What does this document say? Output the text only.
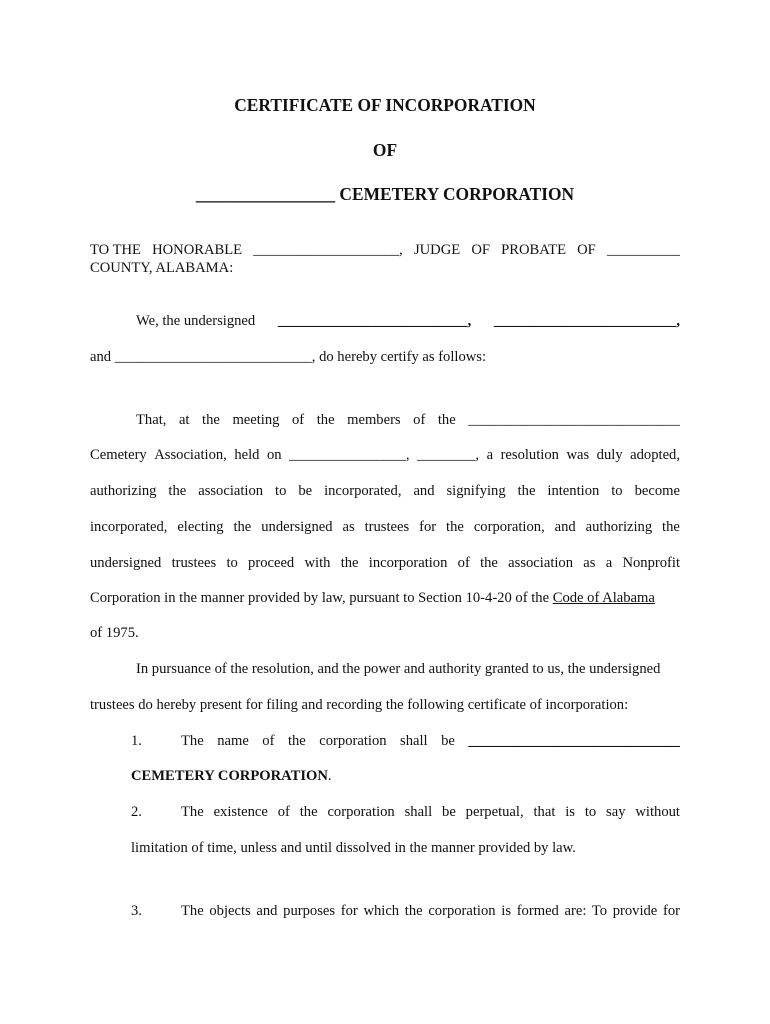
CERTIFICATE OF INCORPORATION
OF
________________ CEMETERY CORPORATION
TO THE HONORABLE ____________________, JUDGE OF PROBATE OF __________
COUNTY, ALABAMA:
We, the undersigned __________________________, _________________________,
and ___________________________, do hereby certify as follows:
That, at the meeting of the members of the _____________________________
Cemetery Association, held on ________________, ________, a resolution was duly adopted,
authorizing the association to be incorporated, and signifying the intention to become
incorporated, electing the undersigned as trustees for the corporation, and authorizing the
undersigned trustees to proceed with the incorporation of the association as a Nonprofit
Corporation in the manner provided by law, pursuant to Section 10-4-20 of the Code of Alabama
of 1975.
In pursuance of the resolution, and the power and authority granted to us, the undersigned
trustees do hereby present for filing and recording the following certificate of incorporation:
1.	The name of the corporation shall be _____________________________
CEMETERY CORPORATION.
2.	The existence of the corporation shall be perpetual, that is to say without
limitation of time, unless and until dissolved in the manner provided by law.
3.	The objects and purposes for which the corporation is formed are: To provide for
